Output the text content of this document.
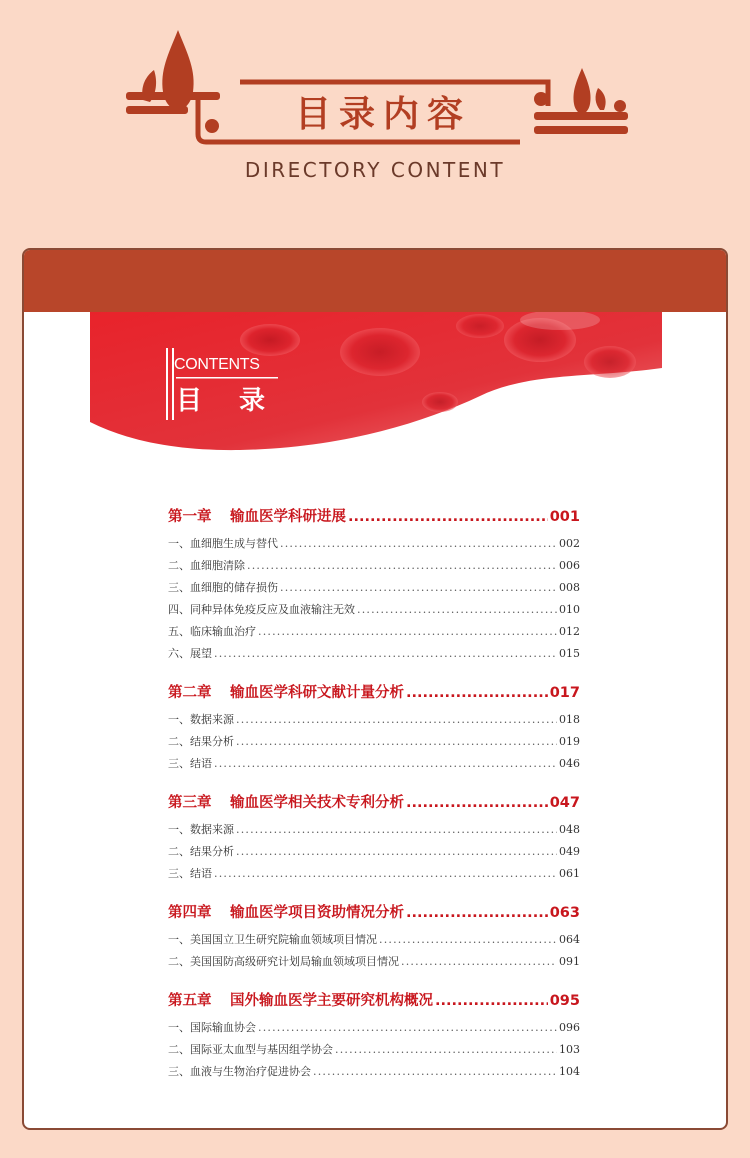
目录内容
DIRECTORY CONTENT
CONTENTS
目 录
第一章	输血医学科研进展 .....	001
一、血细胞生成与替代 .....	002
二、血细胞清除 .....	006
三、血细胞的储存损伤 .....	008
四、同种异体免疫反应及血液输注无效 .....	010
五、临床输血治疗 .....	012
六、展望 .....	015
第二章	输血医学科研文献计量分析 .....	017
一、数据来源 .....	018
二、结果分析 .....	019
三、结语 .....	046
第三章	输血医学相关技术专利分析 .....	047
一、数据来源 .....	048
二、结果分析 .....	049
三、结语 .....	061
第四章	输血医学项目资助情况分析 .....	063
一、美国国立卫生研究院输血领域项目情况 .....	064
二、美国国防高级研究计划局输血领域项目情况 .....	091
第五章	国外输血医学主要研究机构概况 .....	095
一、国际输血协会 .....	096
二、国际亚太血型与基因组学协会 .....	103
三、血液与生物治疗促进协会 .....	104
